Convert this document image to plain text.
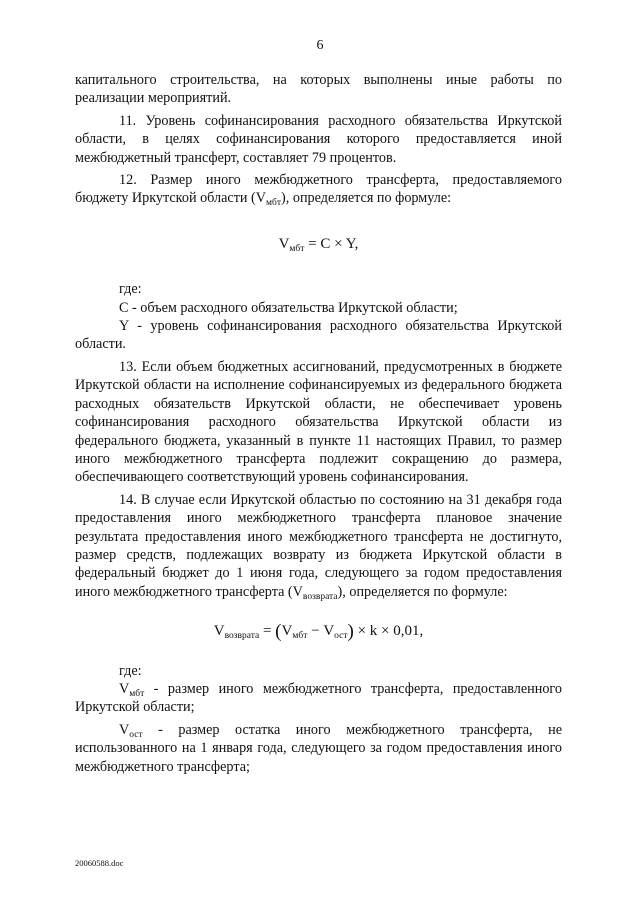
6

капитального строительства, на которых выполнены иные работы по реализации мероприятий.

11. Уровень софинансирования расходного обязательства Иркутской области, в целях софинансирования которого предоставляется иной межбюджетный трансферт, составляет 79 процентов.

12. Размер иного межбюджетного трансферта, предоставляемого бюджету Иркутской области $(V_{мбт})$, определяется по формуле:

$V_{мбт} = C \times Y$,

где:

C - объем расходного обязательства Иркутской области;

Y - уровень софинансирования расходного обязательства Иркутской области.

13. Если объем бюджетных ассигнований, предусмотренных в бюджете Иркутской области на исполнение софинансируемых из федерального бюджета расходных обязательств Иркутской области, не обеспечивает уровень софинансирования расходного обязательства Иркутской области из федерального бюджета, указанный в пункте 11 настоящих Правил, то размер иного межбюджетного трансферта подлежит сокращению до размера, обеспечивающего соответствующий уровень софинансирования.

14. В случае если Иркутской областью по состоянию на 31 декабря года предоставления иного межбюджетного трансферта плановое значение результата предоставления иного межбюджетного трансферта не достигнуто, размер средств, подлежащих возврату из бюджета Иркутской области в федеральный бюджет до 1 июня года, следующего за годом предоставления иного межбюджетного трансферта $(V_{возврата})$, определяется по формуле:

$V_{возврата} = (V_{мбт} - V_{ост}) \times k \times 0,01$,

где:

$V_{мбт}$ - размер иного межбюджетного трансферта, предоставленного Иркутской области;

$V_{ост}$ - размер остатка иного межбюджетного трансферта, не использованного на 1 января года, следующего за годом предоставления иного межбюджетного трансферта;

20060588.doc
